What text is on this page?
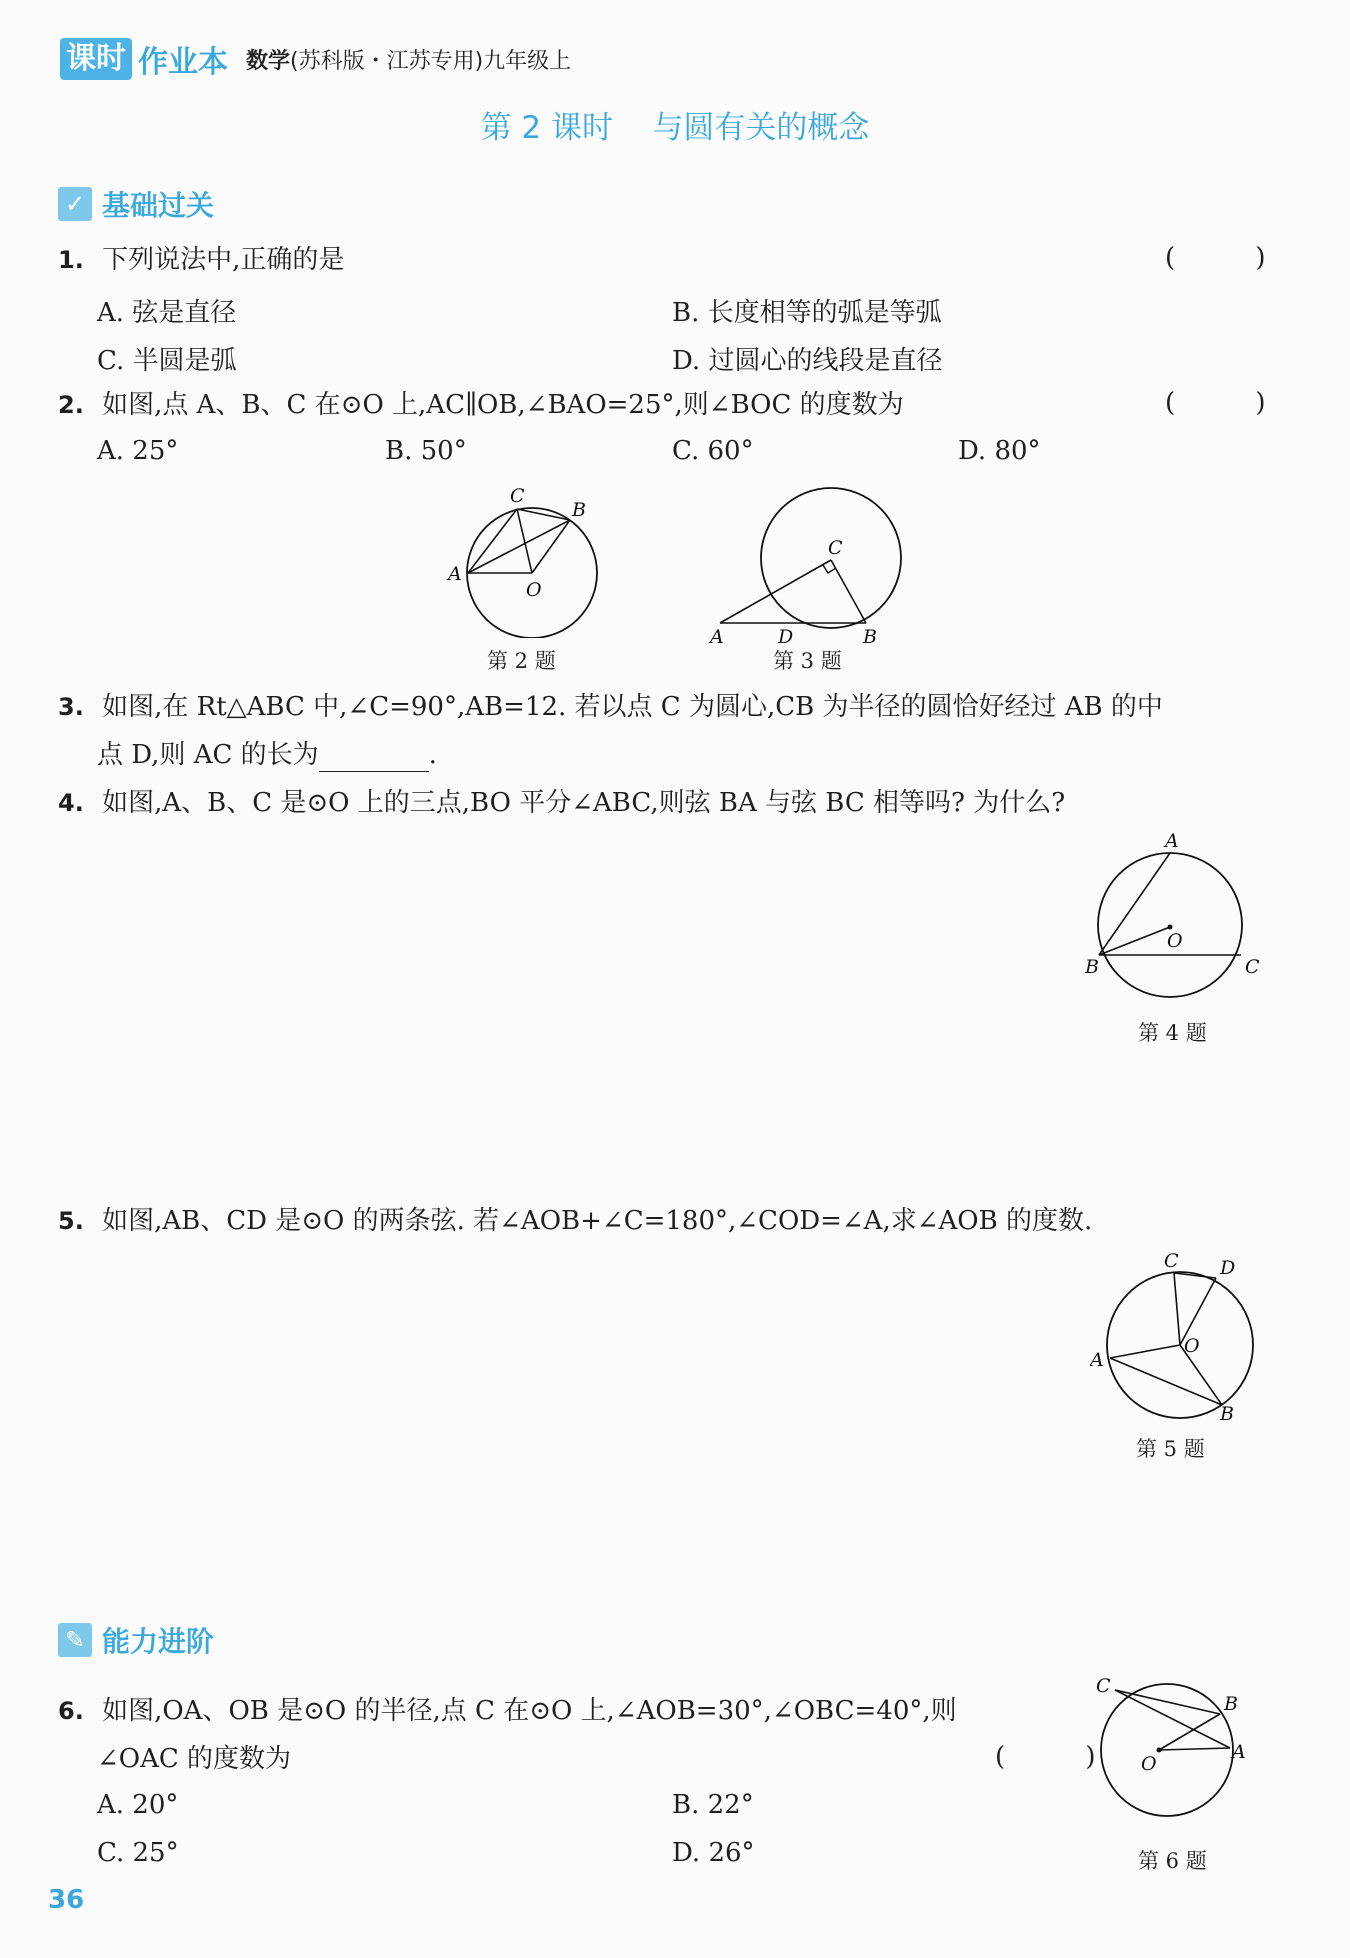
课时 作业本 数学(苏科版・江苏专用)九年级上
第 2 课时    与圆有关的概念
✓ 基础过关
1. 下列说法中,正确的是	( )
A. 弦是直径	B. 长度相等的弧是等弧
C. 半圆是弧	D. 过圆心的线段是直径
2. 如图,点 A、B、C 在⊙O 上,AC∥OB,∠BAO=25°,则∠BOC 的度数为	( )
A. 25°	B. 50°	C. 60°	D. 80°
A
C
B
O
第 2 题
A	D	B
C
第 3 题
3. 如图,在 Rt△ABC 中,∠C=90°,AB=12. 若以点 C 为圆心,CB 为半径的圆恰好经过 AB 的中
点 D,则 AC 的长为	.
4. 如图,A、B、C 是⊙O 上的三点,BO 平分∠ABC,则弦 BA 与弦 BC 相等吗? 为什么?
A
O
B	C
第 4 题
5. 如图,AB、CD 是⊙O 的两条弦. 若∠AOB+∠C=180°,∠COD=∠A,求∠AOB 的度数.
C D
O
A
B
第 5 题
✎ 能力进阶
6. 如图,OA、OB 是⊙O 的半径,点 C 在⊙O 上,∠AOB=30°,∠OBC=40°,则
∠OAC 的度数为	( )
A. 20°	B. 22°
C. 25°	D. 26°
C
B
A
O
第 6 题
36
